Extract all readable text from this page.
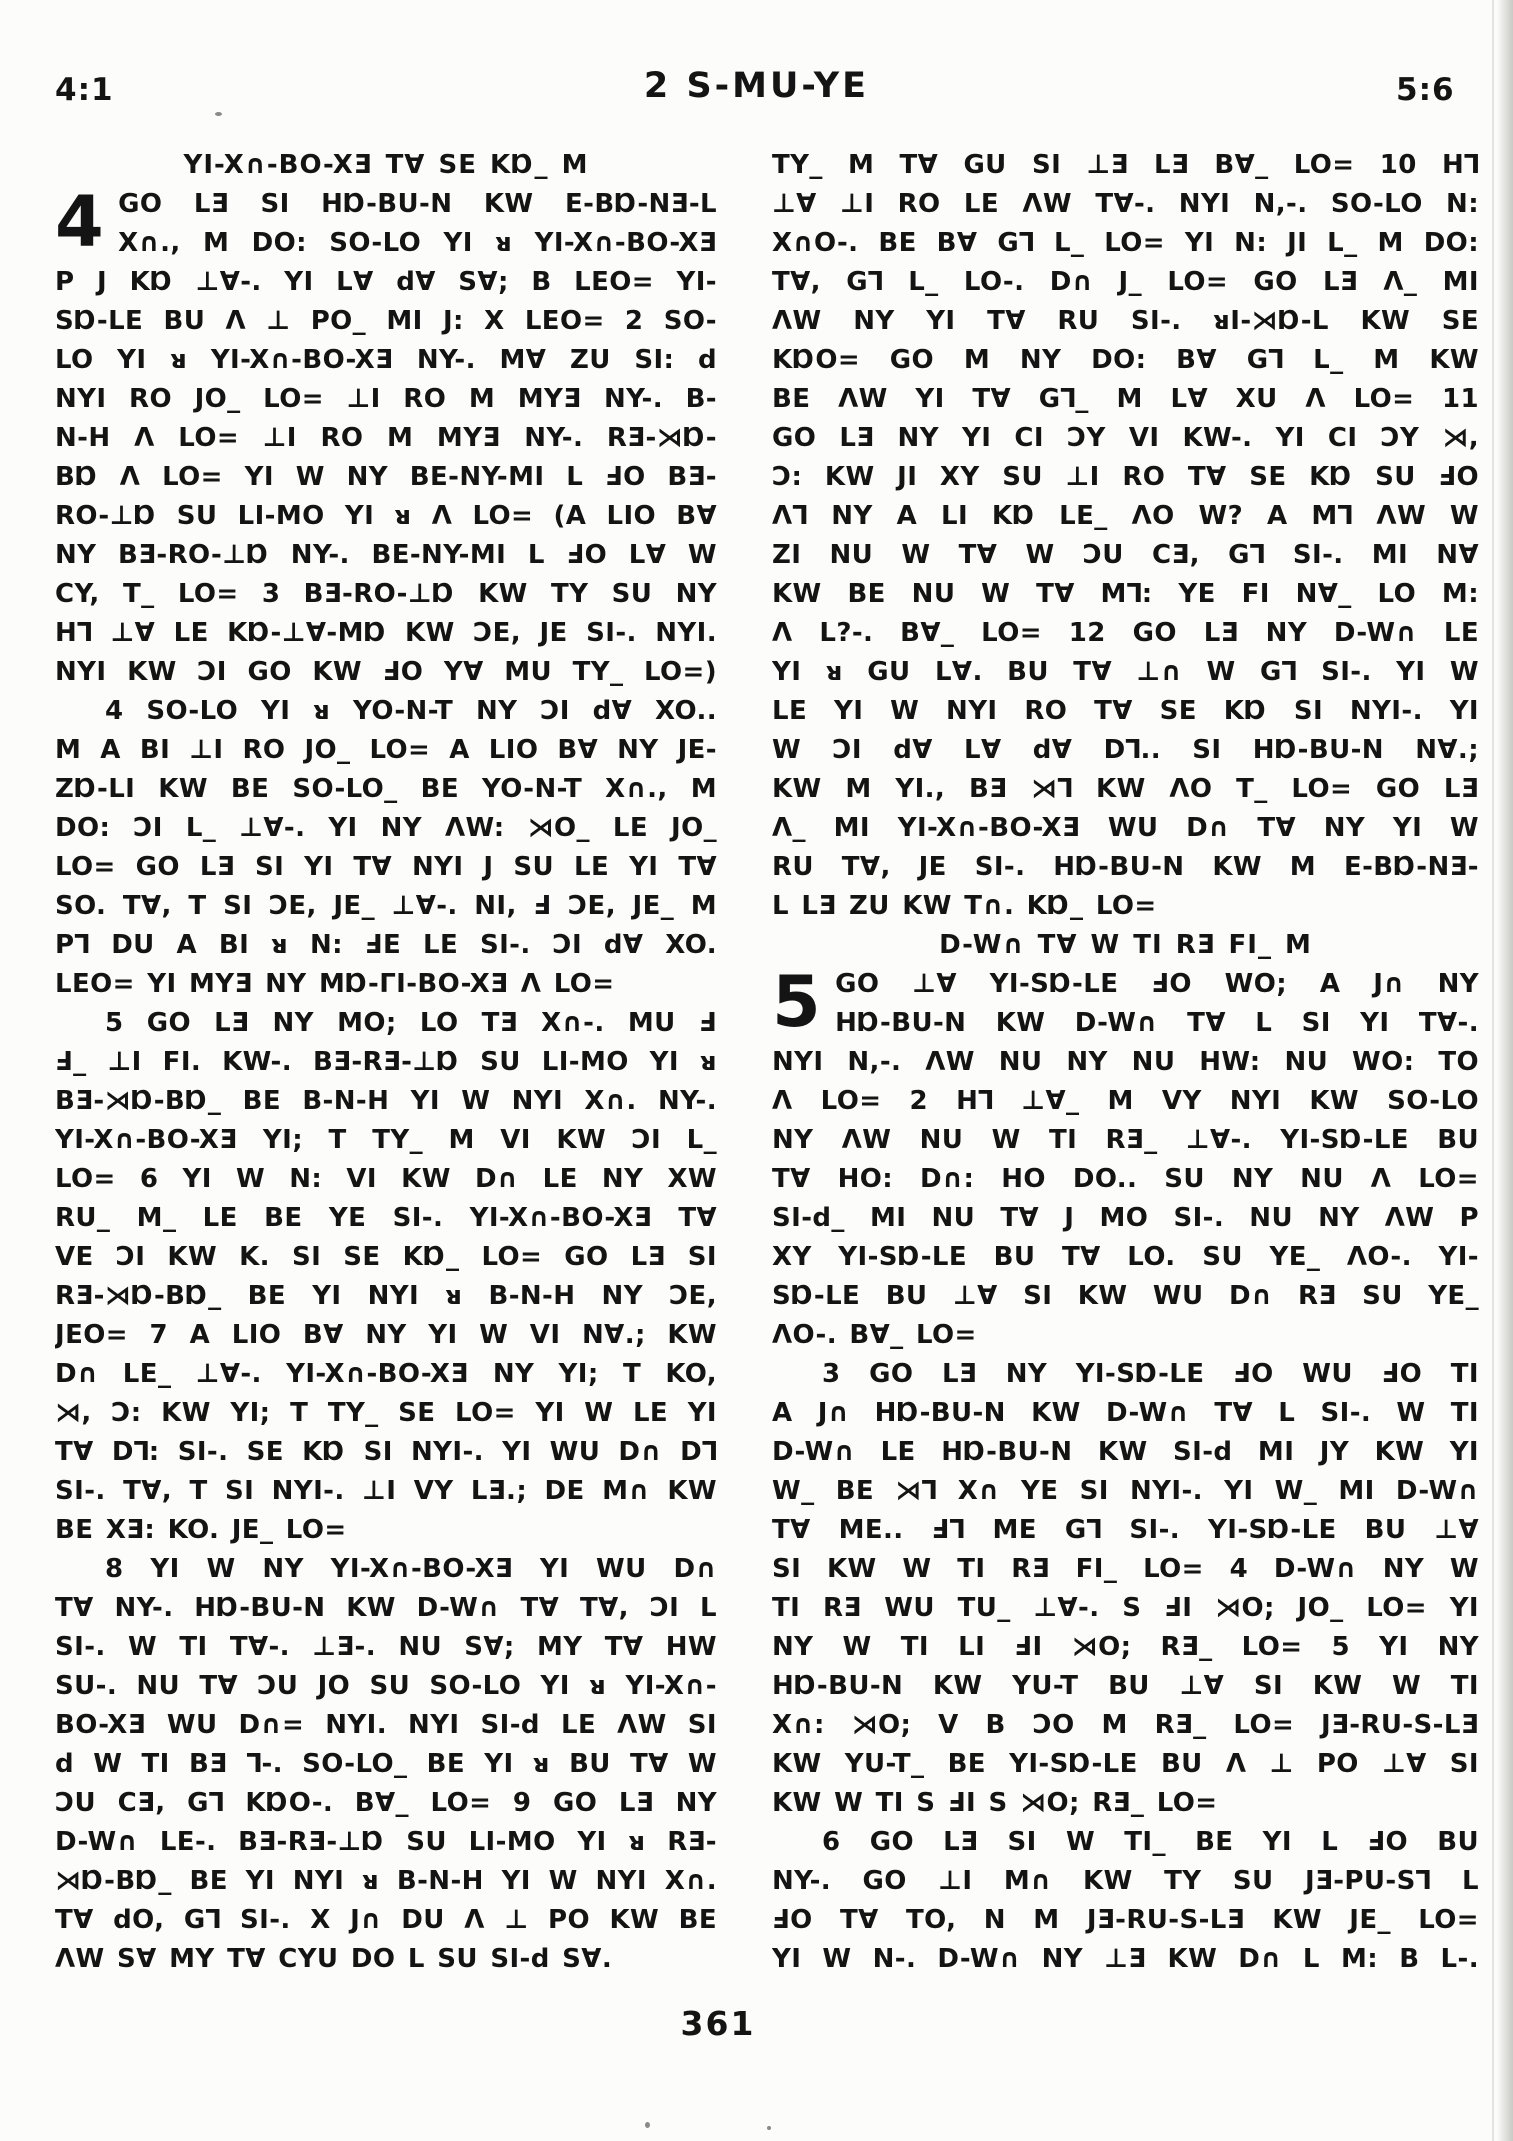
4:1	2 S-MU-YE	5:6
YI-X∩-BO-XƎ T∀ SE KⱰ_ M
4 GO LƎ SI HⱰ-BU-N KW E-BⱰ-NƎ-L
X∩., M DO: SO-LO YI ᴚ YI-X∩-BO-XƎ
P J KⱰ ⊥∀-. YI L∀ d∀ S∀; B LEO= YI-
SⱰ-LE BU Λ ⊥ PO_ MI J: X LEO= 2 SO-
LO YI ᴚ YI-X∩-BO-XƎ NY-. M∀ ZU SI: d
NYI RO JO_ LO= ⊥I RO M MYƎ NY-. B-
N-H Λ LO= ⊥I RO M MYƎ NY-. RƎ-⋊Ɒ-
BⱰ Λ LO= YI W NY BE-NY-MI L ℲO BƎ-
RO-⊥Ɒ SU LI-MO YI ᴚ Λ LO= (A LIO B∀
NY BƎ-RO-⊥Ɒ NY-. BE-NY-MI L ℲO L∀ W
CY, T_ LO= 3 BƎ-RO-⊥Ɒ KW TY SU NY
H⅂ ⊥∀ LE KⱰ-⊥∀-MⱰ KW ƆE, JE SI-. NYI.
NYI KW ƆI GO KW ℲO Y∀ MU TY_ LO=)
4 SO-LO YI ᴚ YO-N-T NY ƆI d∀ XO..
M A BI ⊥I RO JO_ LO= A LIO B∀ NY JE-
ZⱰ-LI KW BE SO-LO_ BE YO-N-T X∩., M
DO: ƆI L_ ⊥∀-. YI NY ΛW: ⋊O_ LE JO_
LO= GO LƎ SI YI T∀ NYI J SU LE YI T∀
SO. T∀, T SI ƆE, JE_ ⊥∀-. NI, Ⅎ ƆE, JE_ M
P⅂ DU A BI ᴚ N: ℲE LE SI-. ƆI d∀ XO.
LEO= YI MYƎ NY MⱰ-ΓI-BO-XƎ Λ LO=
5 GO LƎ NY MO; LO TƎ X∩-. MU Ⅎ
Ⅎ_ ⊥I FI. KW-. BƎ-RƎ-⊥Ɒ SU LI-MO YI ᴚ
BƎ-⋊Ɒ-BⱰ_ BE B-N-H YI W NYI X∩. NY-.
YI-X∩-BO-XƎ YI; T TY_ M VI KW ƆI L_
LO= 6 YI W N: VI KW D∩ LE NY XW
RU_ M_ LE BE YE SI-. YI-X∩-BO-XƎ T∀
VE ƆI KW K. SI SE KⱰ_ LO= GO LƎ SI
RƎ-⋊Ɒ-BⱰ_ BE YI NYI ᴚ B-N-H NY ƆE,
JEO= 7 A LIO B∀ NY YI W VI N∀.; KW
D∩ LE_ ⊥∀-. YI-X∩-BO-XƎ NY YI; T KO,
⋊, Ɔ: KW YI; T TY_ SE LO= YI W LE YI
T∀ D⅂: SI-. SE KⱰ SI NYI-. YI WU D∩ D⅂
SI-. T∀, T SI NYI-. ⊥I VY LƎ.; DE M∩ KW
BE XƎ: KO. JE_ LO=
8 YI W NY YI-X∩-BO-XƎ YI WU D∩
T∀ NY-. HⱰ-BU-N KW D-W∩ T∀ T∀, ƆI L
SI-. W TI T∀-. ⊥Ǝ-. NU S∀; MY T∀ HW
SU-. NU T∀ ƆU JO SU SO-LO YI ᴚ YI-X∩-
BO-XƎ WU D∩= NYI. NYI SI-d LE ΛW SI
d W TI BƎ ⅂-. SO-LO_ BE YI ᴚ BU T∀ W
ƆU CƎ, G⅂ KⱰO-. B∀_ LO= 9 GO LƎ NY
D-W∩ LE-. BƎ-RƎ-⊥Ɒ SU LI-MO YI ᴚ RƎ-
⋊Ɒ-BⱰ_ BE YI NYI ᴚ B-N-H YI W NYI X∩.
T∀ dO, G⅂ SI-. X J∩ DU Λ ⊥ PO KW BE
ΛW S∀ MY T∀ CYU DO L SU SI-d S∀.
TY_ M T∀ GU SI ⊥Ǝ LƎ B∀_ LO= 10 H⅂
⊥∀ ⊥I RO LE ΛW T∀-. NYI N,-. SO-LO N:
X∩O-. BE B∀ G⅂ L_ LO= YI N: JI L_ M DO:
T∀, G⅂ L_ LO-. D∩ J_ LO= GO LƎ Λ_ MI
ΛW NY YI T∀ RU SI-. ᴚI-⋊Ɒ-L KW SE
KⱰO= GO M NY DO: B∀ G⅂ L_ M KW
BE ΛW YI T∀ G⅂_ M L∀ XU Λ LO= 11
GO LƎ NY YI CI ƆY VI KW-. YI CI ƆY ⋊,
Ɔ: KW JI XY SU ⊥I RO T∀ SE KⱰ SU ℲO
Λ⅂ NY A LI KⱰ LE_ ΛO W? A M⅂ ΛW W
ZI NU W T∀ W ƆU CƎ, G⅂ SI-. MI N∀
KW BE NU W T∀ M⅂: YE FI N∀_ LO M:
Λ L?-. B∀_ LO= 12 GO LƎ NY D-W∩ LE
YI ᴚ GU L∀. BU T∀ ⊥∩ W G⅂ SI-. YI W
LE YI W NYI RO T∀ SE KⱰ SI NYI-. YI
W ƆI d∀ L∀ d∀ D⅂.. SI HⱰ-BU-N N∀.;
KW M YI., BƎ ⋊⅂ KW ΛO T_ LO= GO LƎ
Λ_ MI YI-X∩-BO-XƎ WU D∩ T∀ NY YI W
RU T∀, JE SI-. HⱰ-BU-N KW M E-BⱰ-NƎ-
L LƎ ZU KW T∩. KⱰ_ LO=
D-W∩ T∀ W TI RƎ FI_ M
5 GO ⊥∀ YI-SⱰ-LE ℲO WO; A J∩ NY
HⱰ-BU-N KW D-W∩ T∀ L SI YI T∀-.
NYI N,-. ΛW NU NY NU HW: NU WO: TO
Λ LO= 2 H⅂ ⊥∀_ M VY NYI KW SO-LO
NY ΛW NU W TI RƎ_ ⊥∀-. YI-SⱰ-LE BU
T∀ HO: D∩: HO DO.. SU NY NU Λ LO=
SI-d_ MI NU T∀ J MO SI-. NU NY ΛW P
XY YI-SⱰ-LE BU T∀ LO. SU YE_ ΛO-. YI-
SⱰ-LE BU ⊥∀ SI KW WU D∩ RƎ SU YE_
ΛO-. B∀_ LO=
3 GO LƎ NY YI-SⱰ-LE ℲO WU ℲO TI
A J∩ HⱰ-BU-N KW D-W∩ T∀ L SI-. W TI
D-W∩ LE HⱰ-BU-N KW SI-d MI JY KW YI
W_ BE ⋊⅂ X∩ YE SI NYI-. YI W_ MI D-W∩
T∀ ME.. Ⅎ⅂ ME G⅂ SI-. YI-SⱰ-LE BU ⊥∀
SI KW W TI RƎ FI_ LO= 4 D-W∩ NY W
TI RƎ WU TU_ ⊥∀-. S ℲI ⋊O; JO_ LO= YI
NY W TI LI ℲI ⋊O; RƎ_ LO= 5 YI NY
HⱰ-BU-N KW YU-T BU ⊥∀ SI KW W TI
X∩: ⋊O; V B ƆO M RƎ_ LO= JƎ-RU-S-LƎ
KW YU-T_ BE YI-SⱰ-LE BU Λ ⊥ PO ⊥∀ SI
KW W TI S ℲI S ⋊O; RƎ_ LO=
6 GO LƎ SI W TI_ BE YI L ℲO BU
NY-. GO ⊥I M∩ KW TY SU JƎ-PU-S⅂ L
ℲO T∀ TO, N M JƎ-RU-S-LƎ KW JE_ LO=
YI W N-. D-W∩ NY ⊥Ǝ KW D∩ L M: B L-.
361
